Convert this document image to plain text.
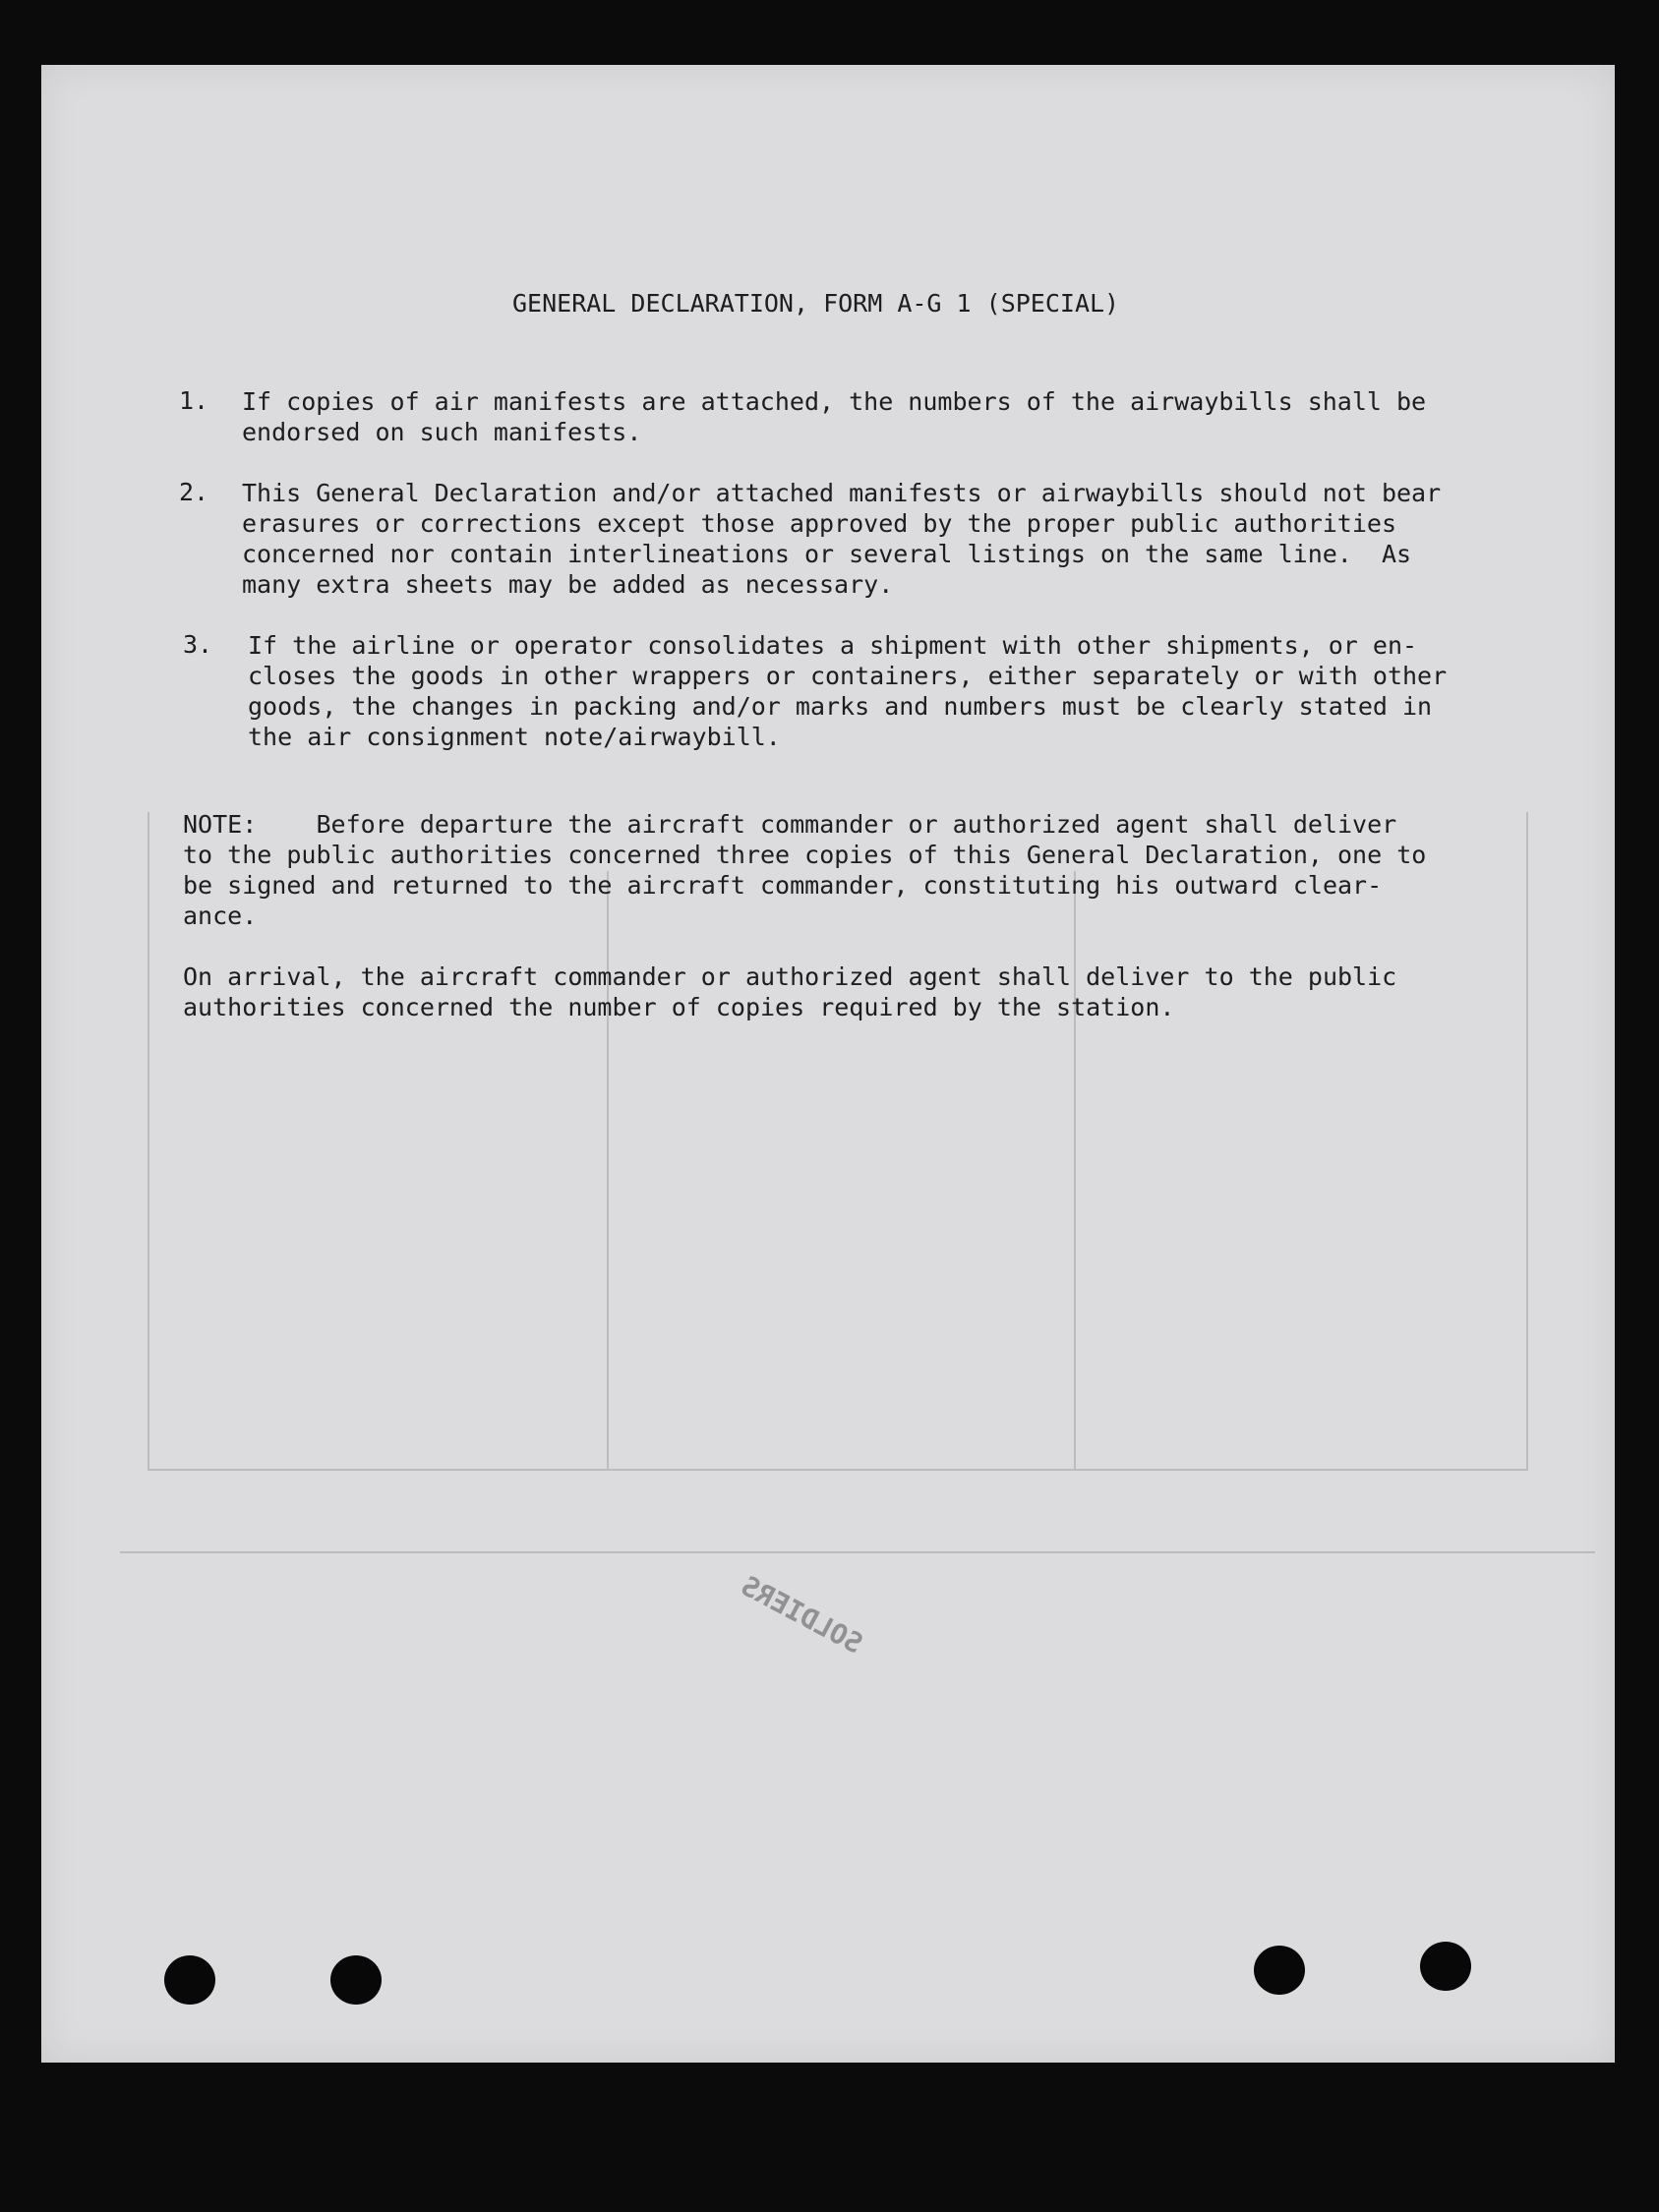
SOLDIERS
GENERAL DECLARATION, FORM A-G 1 (SPECIAL)
1. If copies of air manifests are attached, the numbers of the airwaybills shall be
endorsed on such manifests.
2. This General Declaration and/or attached manifests or airwaybills should not bear
erasures or corrections except those approved by the proper public authorities
concerned nor contain interlineations or several listings on the same line.  As
many extra sheets may be added as necessary.
3. If the airline or operator consolidates a shipment with other shipments, or en-
closes the goods in other wrappers or containers, either separately or with other
goods, the changes in packing and/or marks and numbers must be clearly stated in
the air consignment note/airwaybill.
NOTE:    Before departure the aircraft commander or authorized agent shall deliver
to the public authorities concerned three copies of this General Declaration, one to
be signed and returned to the aircraft commander, constituting his outward clear-
ance.
On arrival, the aircraft commander or authorized agent shall deliver to the public
authorities concerned the number of copies required by the station.
